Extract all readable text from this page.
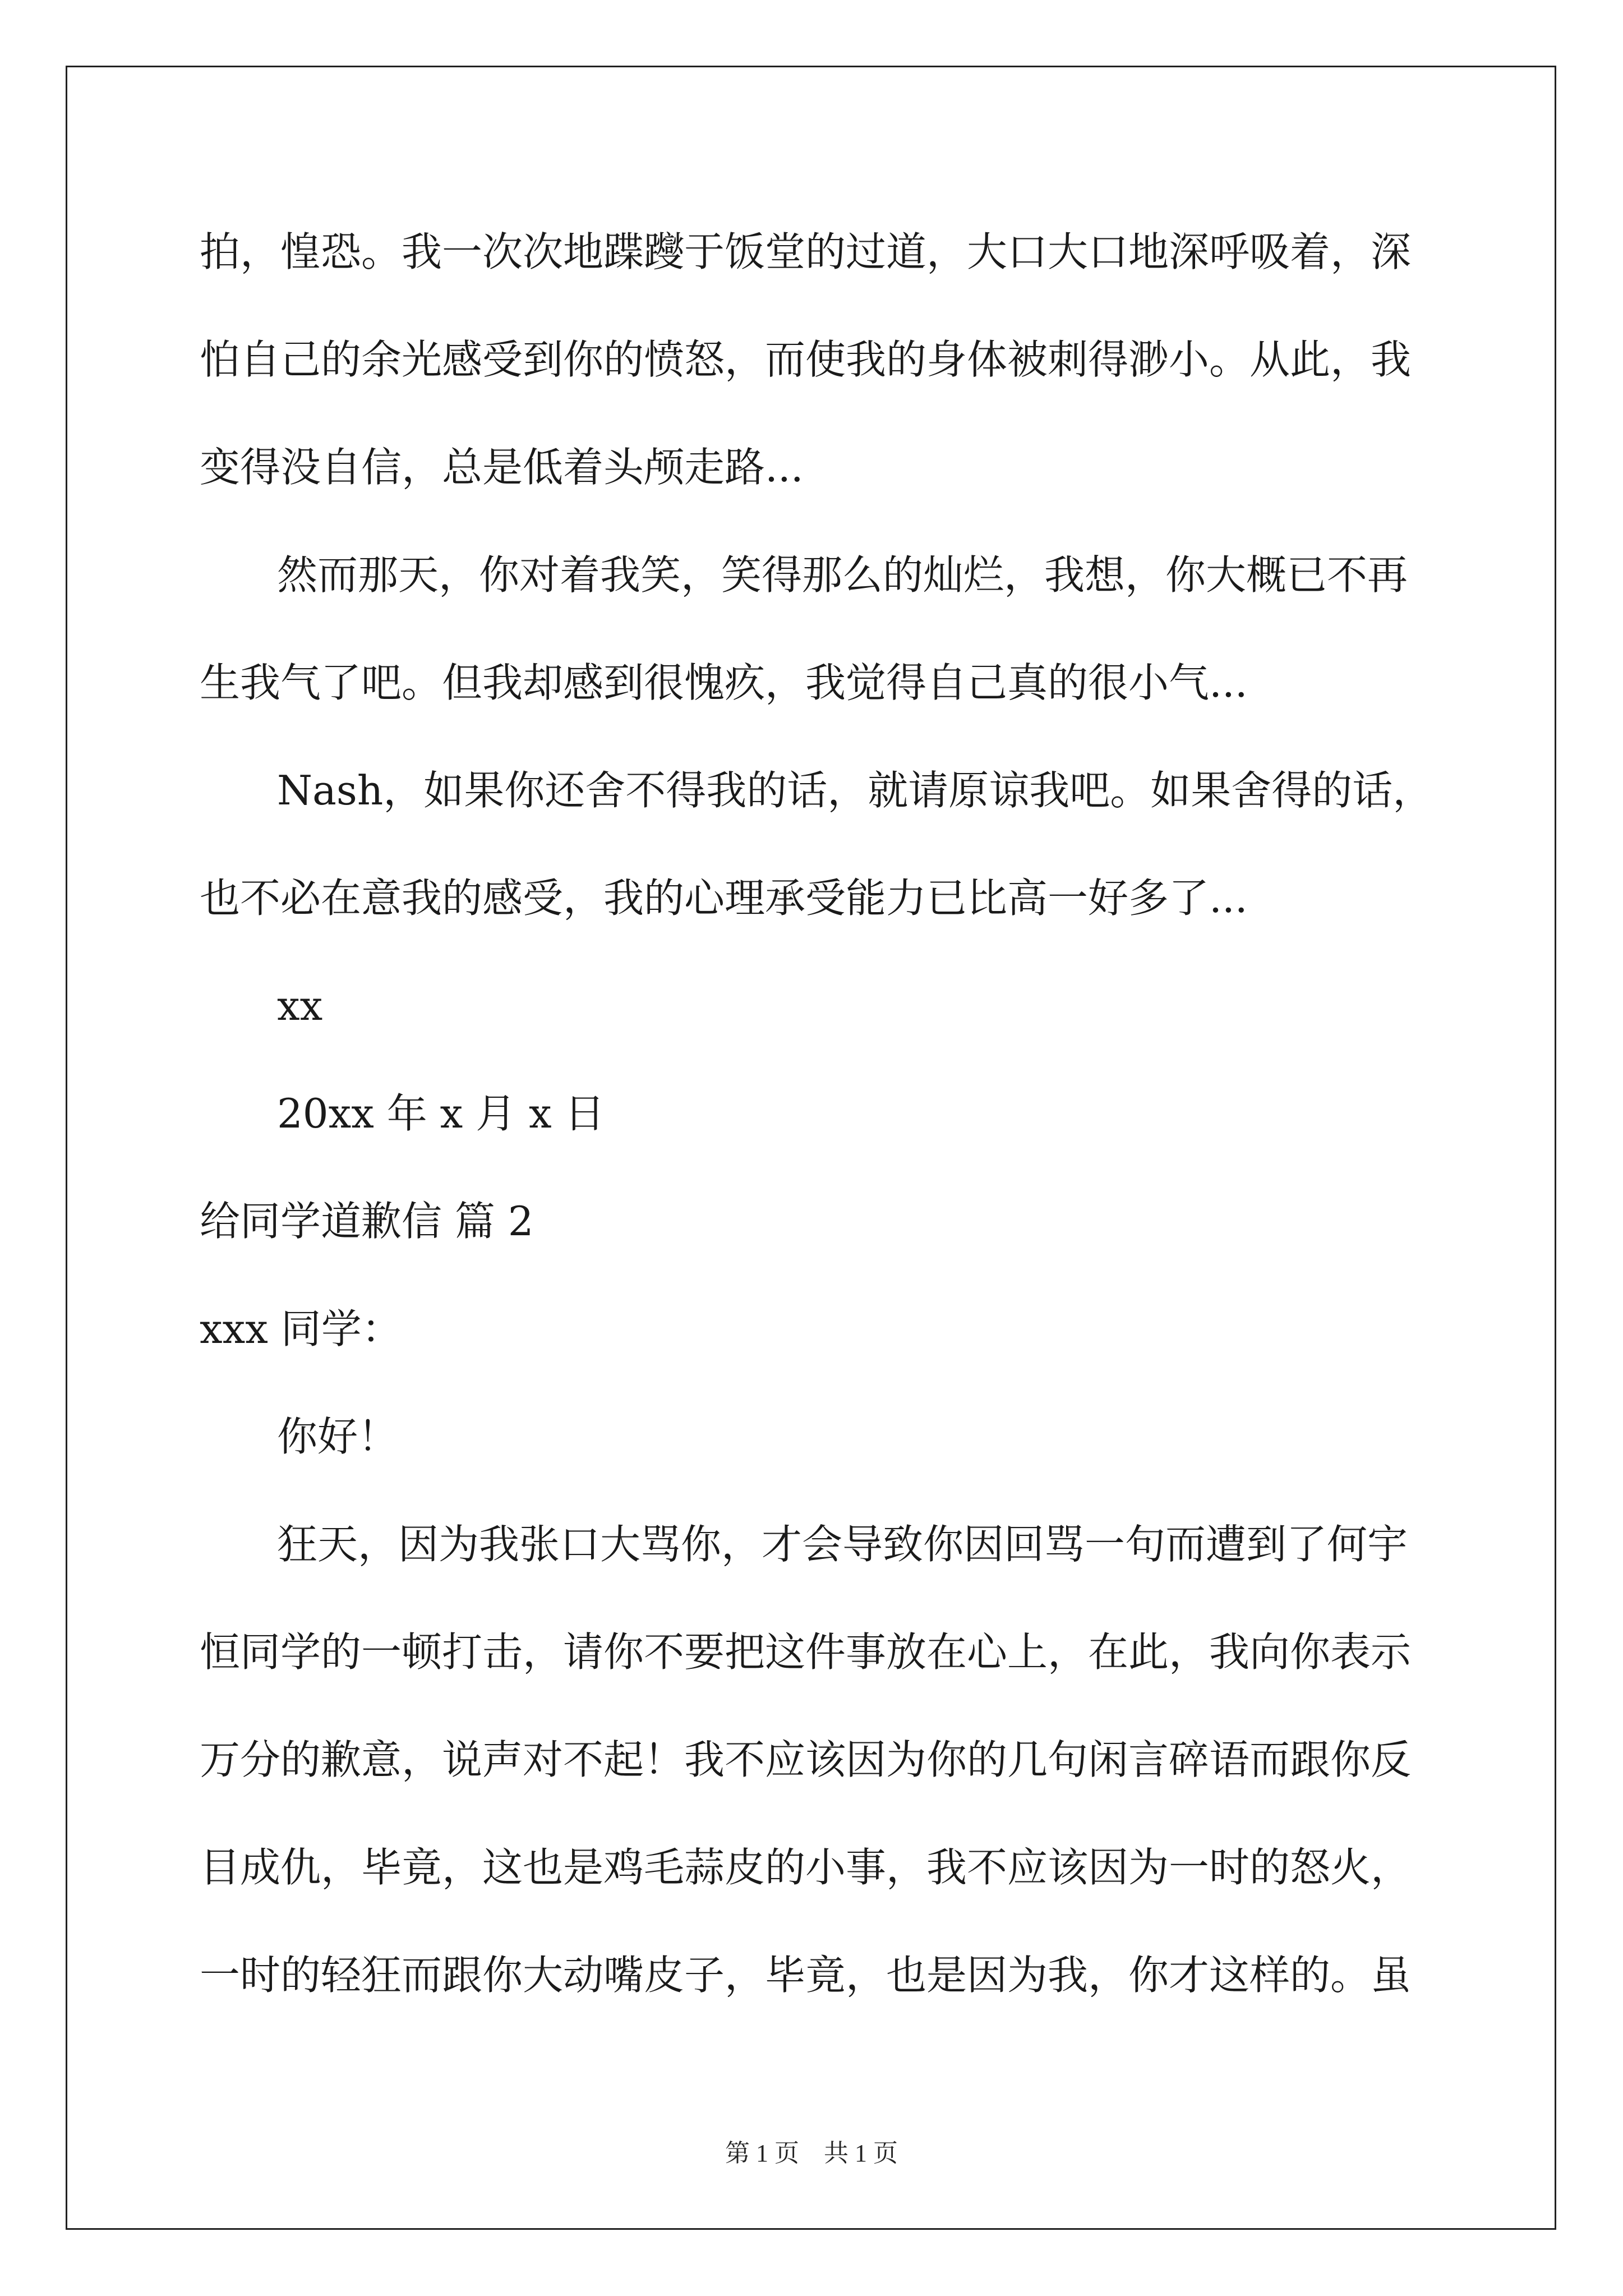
拍，惶恐。我一次次地蹀躞于饭堂的过道，大口大口地深呼吸着，深
怕自己的余光感受到你的愤怒，而使我的身体被刺得渺小。从此，我
变得没自信，总是低着头颅走路...
然而那天，你对着我笑，笑得那么的灿烂，我想，你大概已不再
生我气了吧。但我却感到很愧疚，我觉得自己真的很小气...
Nash，如果你还舍不得我的话，就请原谅我吧。如果舍得的话，
也不必在意我的感受，我的心理承受能力已比高一好多了...
xx
20xx 年 x 月 x 日
给同学道歉信 篇 2
xxx 同学：
你好！
狂天，因为我张口大骂你，才会导致你因回骂一句而遭到了何宇
恒同学的一顿打击，请你不要把这件事放在心上，在此，我向你表示
万分的歉意，说声对不起！我不应该因为你的几句闲言碎语而跟你反
目成仇，毕竟，这也是鸡毛蒜皮的小事，我不应该因为一时的怒火，
一时的轻狂而跟你大动嘴皮子，毕竟，也是因为我，你才这样的。虽
第 1 页　共 1 页
